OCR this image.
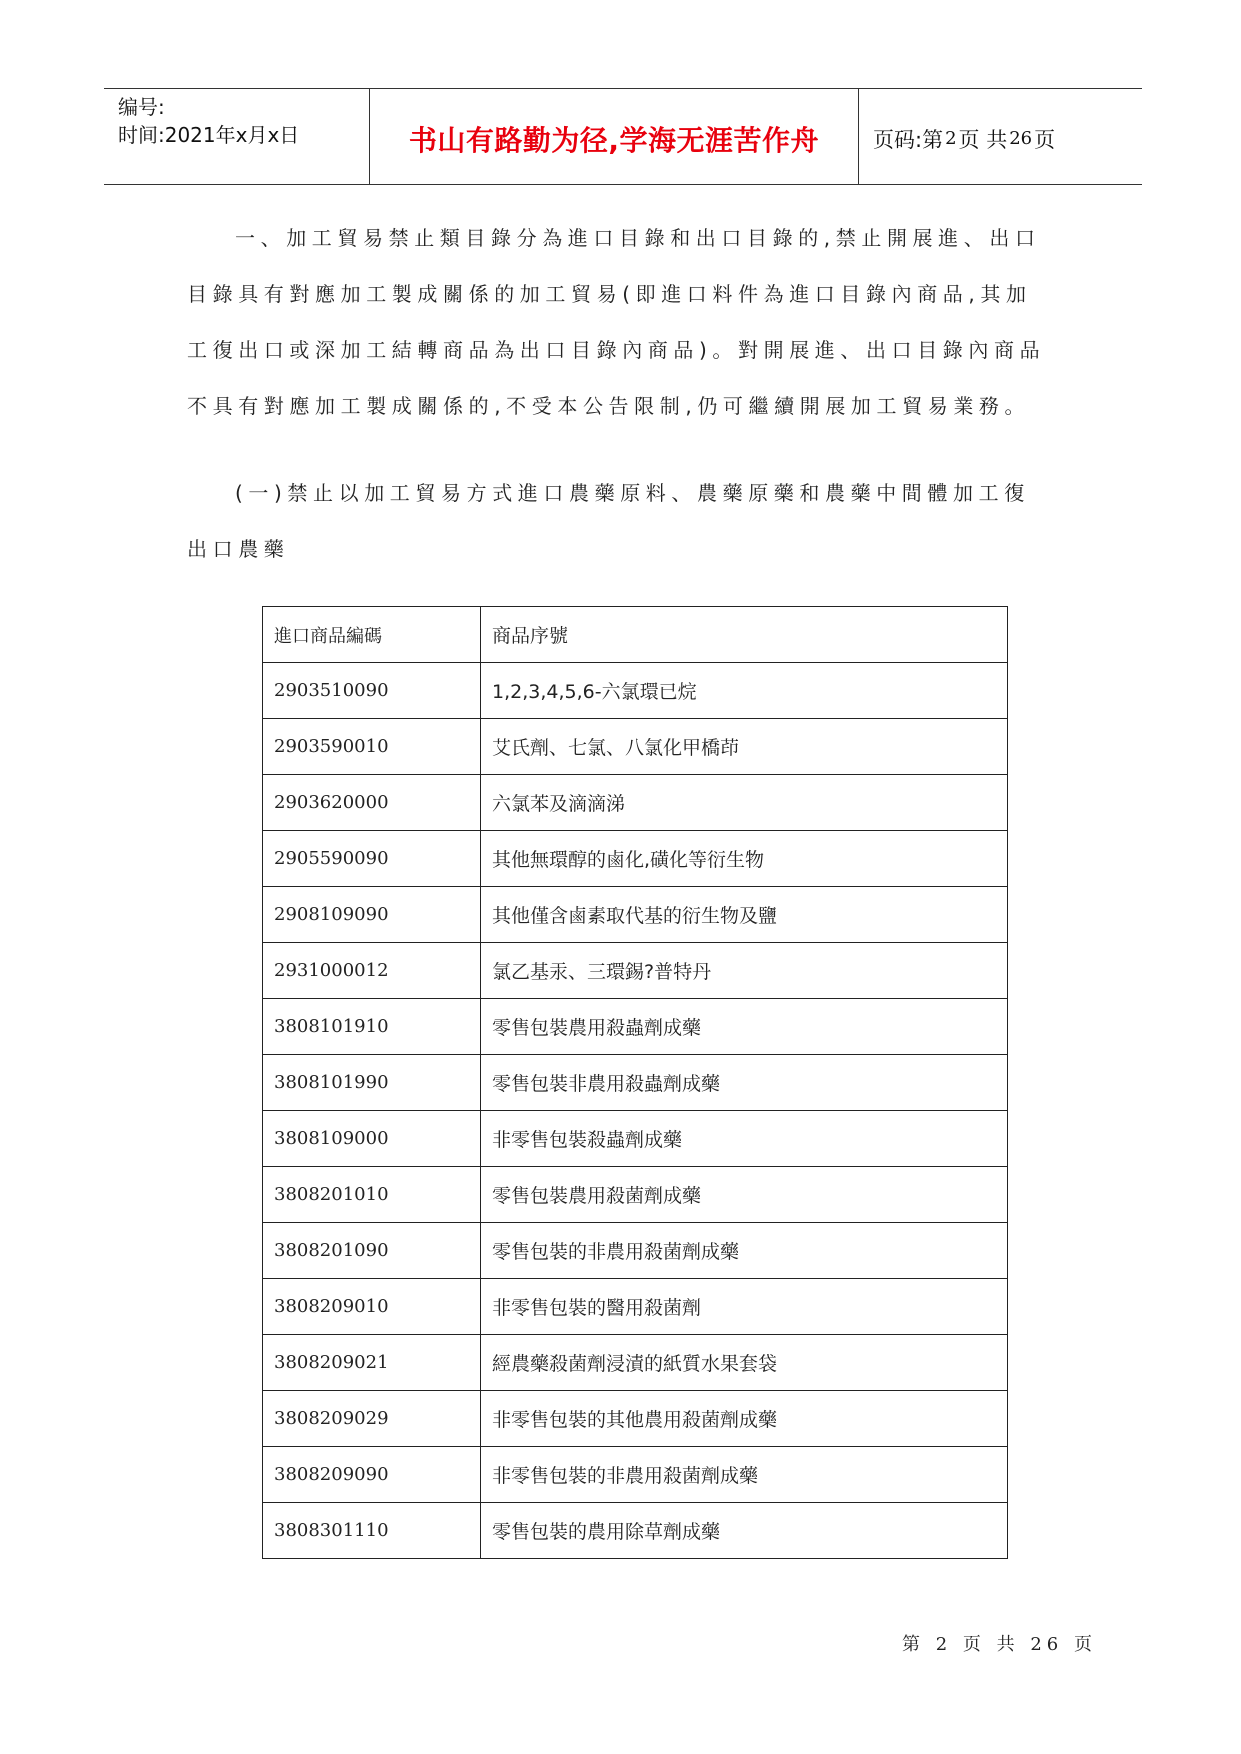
编号:
时间:2021年x月x日	书山有路勤为径,学海无涯苦作舟	页码:第 2 页 共 26 页
一、加工貿易禁止類目錄分為進口目錄和出口目錄的,禁止開展進、出口目錄具有對應加工製成關係的加工貿易(即進口料件為進口目錄內商品,其加工復出口或深加工結轉商品為出口目錄內商品)。對開展進、出口目錄內商品不具有對應加工製成關係的,不受本公告限制,仍可繼續開展加工貿易業務。
(一)禁止以加工貿易方式進口農藥原料、農藥原藥和農藥中間體加工復出口農藥
進口商品編碼	商品序號
2903510090	1,2,3,4,5,6-六氯環已烷
2903590010	艾氏劑、七氯、八氯化甲橋茚
2903620000	六氯苯及滴滴涕
2905590090	其他無環醇的鹵化,磺化等衍生物
2908109090	其他僅含鹵素取代基的衍生物及鹽
2931000012	氯乙基汞、三環錫?普特丹
3808101910	零售包裝農用殺蟲劑成藥
3808101990	零售包裝非農用殺蟲劑成藥
3808109000	非零售包裝殺蟲劑成藥
3808201010	零售包裝農用殺菌劑成藥
3808201090	零售包裝的非農用殺菌劑成藥
3808209010	非零售包裝的醫用殺菌劑
3808209021	經農藥殺菌劑浸漬的紙質水果套袋
3808209029	非零售包裝的其他農用殺菌劑成藥
3808209090	非零售包裝的非農用殺菌劑成藥
3808301110	零售包裝的農用除草劑成藥
第 2 页 共 26 页
